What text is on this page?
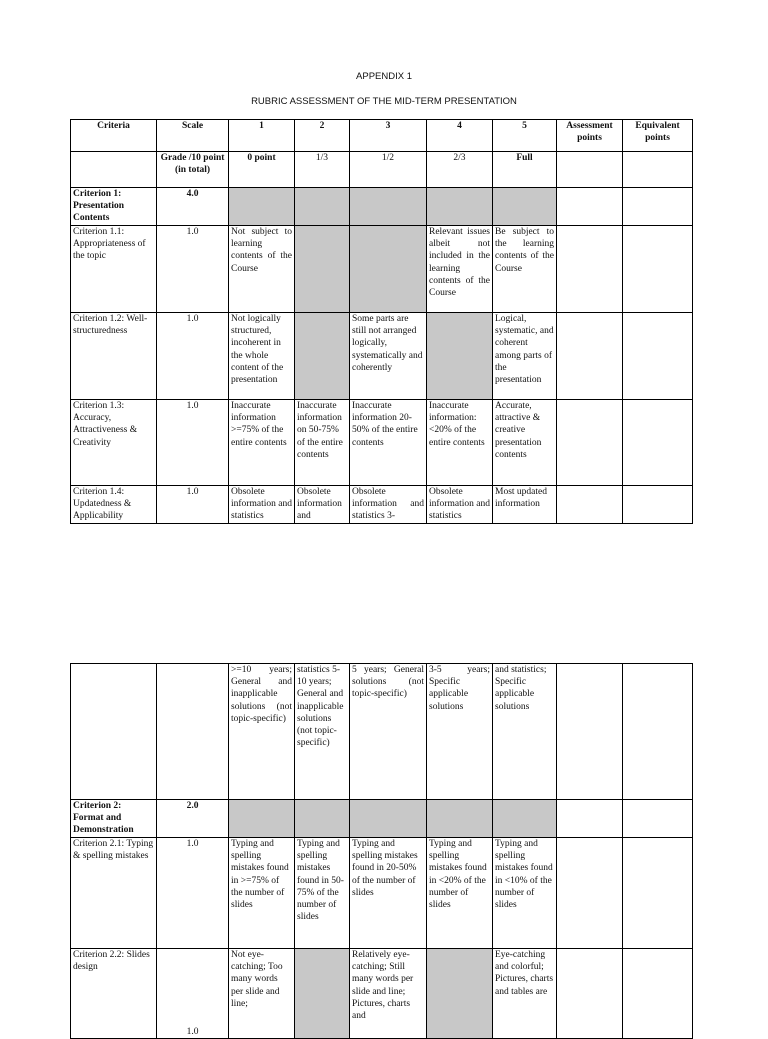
APPENDIX 1
RUBRIC ASSESSMENT OF THE MID-TERM PRESENTATION
Criteria	Scale	1	2	3	4	5	Assessment points	Equivalent points
	Grade /10 point (in total)	0 point	1/3	1/2	2/3	Full		
Criterion 1: Presentation Contents	4.0							
Criterion 1.1: Appropriateness of the topic	1.0	Not subject to learning contents of the Course			Relevant issues albeit not included in the learning contents of the Course	Be subject to the learning contents of the Course		
Criterion 1.2: Well-structuredness	1.0	Not logically structured, incoherent in the whole content of the presentation		Some parts are still not arranged logically, systematically and coherently		Logical, systematic, and coherent among parts of the presentation		
Criterion 1.3: Accuracy, Attractiveness & Creativity	1.0	Inaccurate information >=75% of the entire contents	Inaccurate information on 50-75% of the entire contents	Inaccurate information 20-50% of the entire contents	Inaccurate information: <20% of the entire contents	Accurate, attractive & creative presentation contents		
Criterion 1.4: Updatedness & Applicability	1.0	Obsolete information and statistics	Obsolete information and	Obsolete information and statistics 3-	Obsolete information and statistics	Most updated information		
		>=10 years; General and inapplicable solutions (not topic-specific)	statistics 5-10 years; General and inapplicable solutions (not topic-specific)	5 years; General solutions (not topic-specific)	3-5 years; Specific applicable solutions	and statistics; Specific applicable solutions		
Criterion 2: Format and Demonstration	2.0							
Criterion 2.1: Typing & spelling mistakes	1.0	Typing and spelling mistakes found in >=75% of the number of slides	Typing and spelling mistakes found in 50-75% of the number of slides	Typing and spelling mistakes found in 20-50% of the number of slides	Typing and spelling mistakes found in <20% of the number of slides	Typing and spelling mistakes found in <10% of the number of slides		
Criterion 2.2: Slides design	1.0	Not eye-catching; Too many words per slide and line;		Relatively eye-catching; Still many words per slide and line; Pictures, charts and		Eye-catching and colorful; Pictures, charts and tables are		
